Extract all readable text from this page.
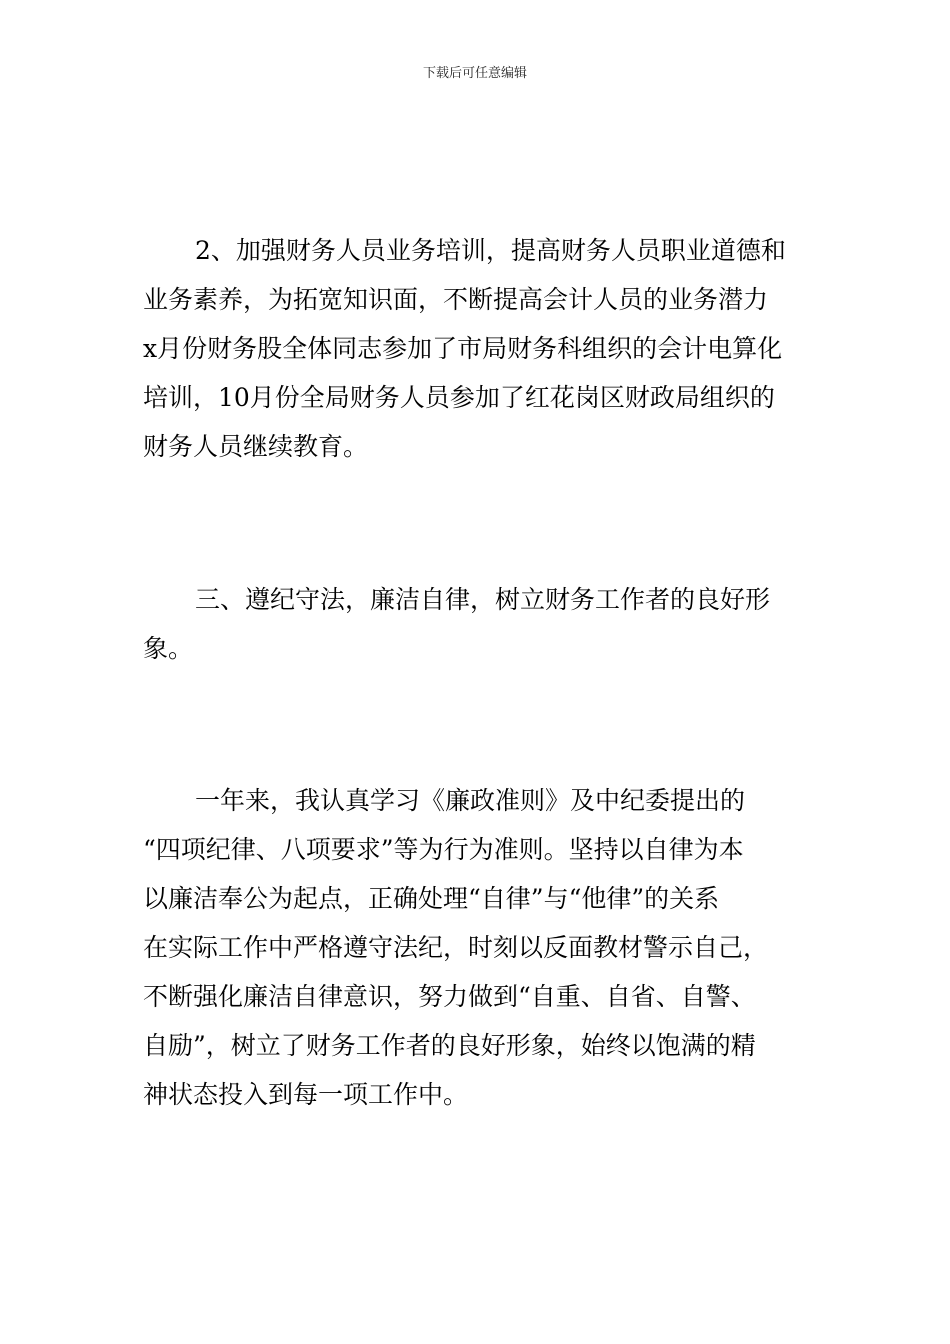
下载后可任意编辑
2、加强财务人员业务培训，提高财务人员职业道德和
业务素养，为拓宽知识面，不断提高会计人员的业务潜力
x月份财务股全体同志参加了市局财务科组织的会计电算化
培训，10月份全局财务人员参加了红花岗区财政局组织的
财务人员继续教育。
三、遵纪守法，廉洁自律，树立财务工作者的良好形
象。
一年来，我认真学习《廉政准则》及中纪委提出的
“四项纪律、八项要求”等为行为准则。坚持以自律为本
以廉洁奉公为起点，正确处理“自律”与“他律”的关系
在实际工作中严格遵守法纪，时刻以反面教材警示自己，
不断强化廉洁自律意识，努力做到“自重、自省、自警、
自励”，树立了财务工作者的良好形象，始终以饱满的精
神状态投入到每一项工作中。
